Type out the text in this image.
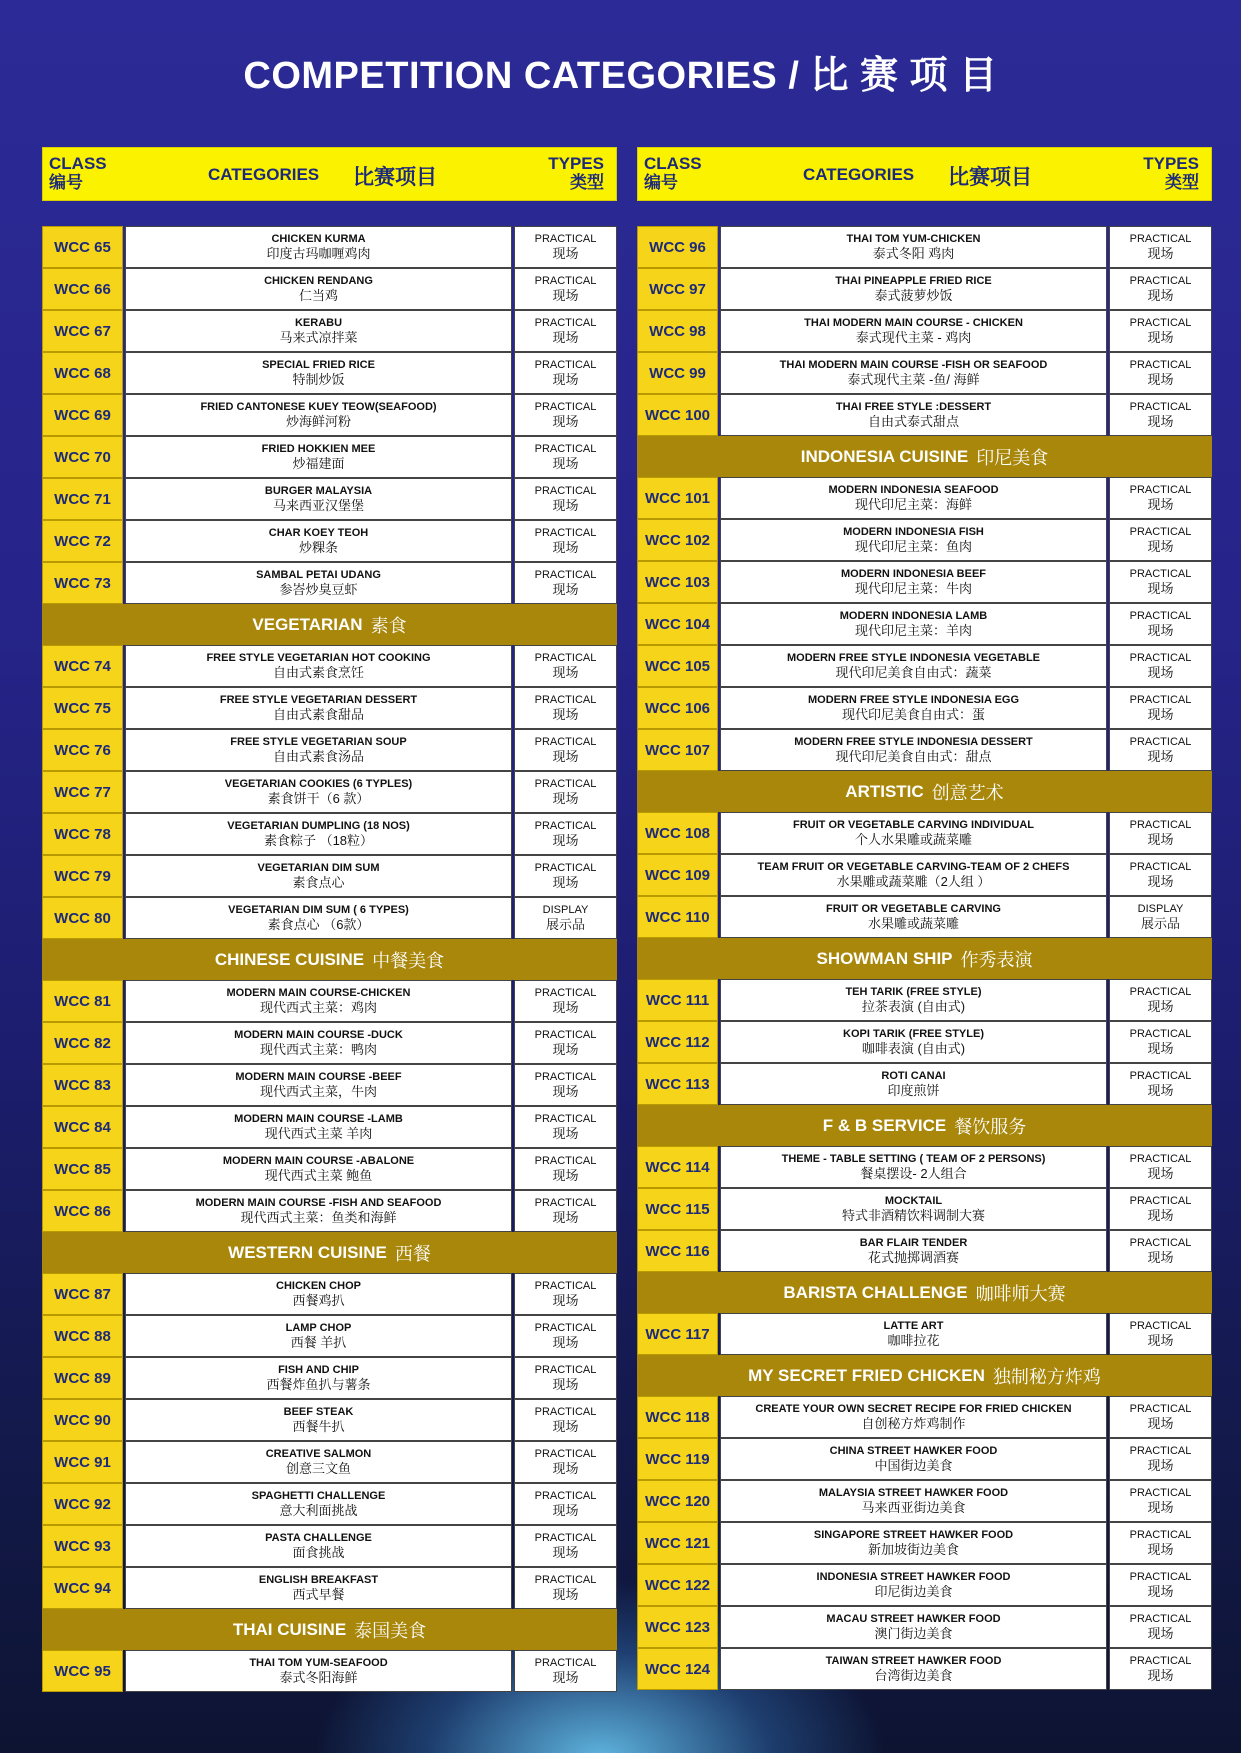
COMPETITION CATEGORIES / 比 赛 项 目
CLASS
编号	CATEGORIES 比赛项目
TYPES
类型
WCC 65	CHICKEN KURMA
印度古玛咖喱鸡肉
PRACTICAL
现场
WCC 66	CHICKEN RENDANG
仁当鸡
PRACTICAL
现场
WCC 67	KERABU
马来式凉拌菜
PRACTICAL
现场
WCC 68	SPECIAL FRIED RICE
特制炒饭
PRACTICAL
现场
WCC 69	FRIED CANTONESE KUEY TEOW(SEAFOOD)
炒海鲜河粉
PRACTICAL
现场
WCC 70	FRIED HOKKIEN MEE
炒福建面
PRACTICAL
现场
WCC 71	BURGER MALAYSIA
马来西亚汉堡堡
PRACTICAL
现场
WCC 72	CHAR KOEY TEOH
炒粿条
PRACTICAL
现场
WCC 73	SAMBAL PETAI UDANG
参峇炒臭豆虾
PRACTICAL
现场
VEGETARIAN 素食
WCC 74	FREE STYLE VEGETARIAN HOT COOKING
自由式素食烹饪
PRACTICAL
现场
WCC 75	FREE STYLE VEGETARIAN DESSERT
自由式素食甜品
PRACTICAL
现场
WCC 76	FREE STYLE VEGETARIAN SOUP
自由式素食汤品
PRACTICAL
现场
WCC 77	VEGETARIAN COOKIES (6 TYPLES)
素食饼干（6 款）
PRACTICAL
现场
WCC 78	VEGETARIAN DUMPLING (18 NOS)
素食粽子 （18粒）
PRACTICAL
现场
WCC 79	VEGETARIAN DIM SUM
素食点心
PRACTICAL
现场
WCC 80	VEGETARIAN DIM SUM ( 6 TYPES)
素食点心 （6款）
DISPLAY
展示品
CHINESE CUISINE 中餐美食
WCC 81	MODERN MAIN COURSE-CHICKEN
现代西式主菜：鸡肉
PRACTICAL
现场
WCC 82	MODERN MAIN COURSE -DUCK
现代西式主菜：鸭肉
PRACTICAL
现场
WCC 83	MODERN MAIN COURSE -BEEF
现代西式主菜，牛肉
PRACTICAL
现场
WCC 84	MODERN MAIN COURSE -LAMB
现代西式主菜 羊肉
PRACTICAL
现场
WCC 85	MODERN MAIN COURSE -ABALONE
现代西式主菜 鲍鱼
PRACTICAL
现场
WCC 86	MODERN MAIN COURSE -FISH AND SEAFOOD
现代西式主菜：鱼类和海鲜
PRACTICAL
现场
WESTERN CUISINE 西餐
WCC 87	CHICKEN CHOP
西餐鸡扒
PRACTICAL
现场
WCC 88	LAMP CHOP
西餐 羊扒
PRACTICAL
现场
WCC 89	FISH AND CHIP
西餐炸鱼扒与薯条
PRACTICAL
现场
WCC 90	BEEF STEAK
西餐牛扒
PRACTICAL
现场
WCC 91	CREATIVE SALMON
创意三文鱼
PRACTICAL
现场
WCC 92	SPAGHETTI CHALLENGE
意大利面挑战
PRACTICAL
现场
WCC 93	PASTA CHALLENGE
面食挑战
PRACTICAL
现场
WCC 94	ENGLISH BREAKFAST
西式早餐
PRACTICAL
现场
THAI CUISINE 泰国美食
WCC 95	THAI TOM YUM-SEAFOOD
泰式冬阳海鲜
PRACTICAL
现场
CLASS
编号	CATEGORIES 比赛项目
TYPES
类型
WCC 96	THAI TOM YUM-CHICKEN
泰式冬阳 鸡肉
PRACTICAL
现场
WCC 97	THAI PINEAPPLE FRIED RICE
泰式菠萝炒饭
PRACTICAL
现场
WCC 98	THAI MODERN MAIN COURSE - CHICKEN
泰式现代主菜 - 鸡肉
PRACTICAL
现场
WCC 99	THAI MODERN MAIN COURSE -FISH OR SEAFOOD
泰式现代主菜 -鱼/ 海鲜
PRACTICAL
现场
WCC 100	THAI FREE STYLE :DESSERT
自由式泰式甜点
PRACTICAL
现场
INDONESIA CUISINE 印尼美食
WCC 101	MODERN INDONESIA SEAFOOD
现代印尼主菜：海鲜
PRACTICAL
现场
WCC 102	MODERN INDONESIA FISH
现代印尼主菜：鱼肉
PRACTICAL
现场
WCC 103	MODERN INDONESIA BEEF
现代印尼主菜：牛肉
PRACTICAL
现场
WCC 104	MODERN INDONESIA LAMB
现代印尼主菜：羊肉
PRACTICAL
现场
WCC 105	MODERN FREE STYLE INDONESIA VEGETABLE
现代印尼美食自由式：蔬菜
PRACTICAL
现场
WCC 106	MODERN FREE STYLE INDONESIA EGG
现代印尼美食自由式：蛋
PRACTICAL
现场
WCC 107	MODERN FREE STYLE INDONESIA DESSERT
现代印尼美食自由式：甜点
PRACTICAL
现场
ARTISTIC 创意艺术
WCC 108	FRUIT OR VEGETABLE CARVING INDIVIDUAL
个人水果雕或蔬菜雕
PRACTICAL
现场
WCC 109	TEAM FRUIT OR VEGETABLE CARVING-TEAM OF 2 CHEFS
水果雕或蔬菜雕（2人组 ）
PRACTICAL
现场
WCC 110	FRUIT OR VEGETABLE CARVING
水果雕或蔬菜雕
DISPLAY
展示品
SHOWMAN SHIP 作秀表演
WCC 111	TEH TARIK (FREE STYLE)
拉茶表演 (自由式)
PRACTICAL
现场
WCC 112	KOPI TARIK (FREE STYLE)
咖啡表演 (自由式)
PRACTICAL
现场
WCC 113	ROTI CANAI
印度煎饼
PRACTICAL
现场
F & B SERVICE 餐饮服务
WCC 114	THEME - TABLE SETTING ( TEAM OF 2 PERSONS)
餐桌摆设- 2人组合
PRACTICAL
现场
WCC 115	MOCKTAIL
特式非酒精饮料调制大赛
PRACTICAL
现场
WCC 116	BAR FLAIR TENDER
花式抛掷调酒赛
PRACTICAL
现场
BARISTA CHALLENGE 咖啡师大赛
WCC 117	LATTE ART
咖啡拉花
PRACTICAL
现场
MY SECRET FRIED CHICKEN 独制秘方炸鸡
WCC 118	CREATE YOUR OWN SECRET RECIPE FOR FRIED CHICKEN
自创秘方炸鸡制作
PRACTICAL
现场
WCC 119	CHINA STREET HAWKER FOOD
中国街边美食
PRACTICAL
现场
WCC 120	MALAYSIA STREET HAWKER FOOD
马来西亚街边美食
PRACTICAL
现场
WCC 121	SINGAPORE STREET HAWKER FOOD
新加坡街边美食
PRACTICAL
现场
WCC 122	INDONESIA STREET HAWKER FOOD
印尼街边美食
PRACTICAL
现场
WCC 123	MACAU STREET HAWKER FOOD
澳门街边美食
PRACTICAL
现场
WCC 124	TAIWAN STREET HAWKER FOOD
台湾街边美食
PRACTICAL
现场
